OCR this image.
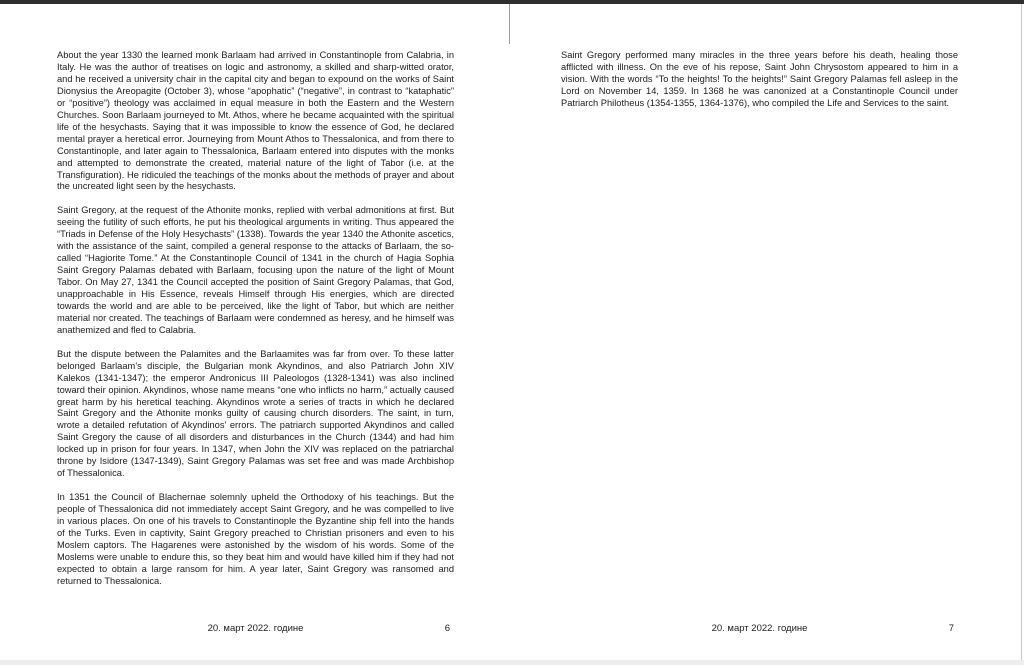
About the year 1330 the learned monk Barlaam had arrived in Constantinople from Calabria, in Italy. He was the author of treatises on logic and astronomy, a skilled and sharp-witted orator, and he received a university chair in the capital city and began to expound on the works of Saint Dionysius the Areopagite (October 3), whose “apophatic” (“negative”, in contrast to “kataphatic” or “positive”) theology was acclaimed in equal measure in both the Eastern and the Western Churches. Soon Barlaam journeyed to Mt. Athos, where he became acquainted with the spiritual life of the hesychasts. Saying that it was impossible to know the essence of God, he declared mental prayer a heretical error. Journeying from Mount Athos to Thessalonica, and from there to Constantinople, and later again to Thessalonica, Barlaam entered into disputes with the monks and attempted to demonstrate the created, material nature of the light of Tabor (i.e. at the Transfiguration). He ridiculed the teachings of the monks about the methods of prayer and about the uncreated light seen by the hesychasts.

Saint Gregory, at the request of the Athonite monks, replied with verbal admonitions at first. But seeing the futility of such efforts, he put his theological arguments in writing. Thus appeared the “Triads in Defense of the Holy Hesychasts” (1338). Towards the year 1340 the Athonite ascetics, with the assistance of the saint, compiled a general response to the attacks of Barlaam, the so-called “Hagiorite Tome.” At the Constantinople Council of 1341 in the church of Hagia Sophia Saint Gregory Palamas debated with Barlaam, focusing upon the nature of the light of Mount Tabor. On May 27, 1341 the Council accepted the position of Saint Gregory Palamas, that God, unapproachable in His Essence, reveals Himself through His energies, which are directed towards the world and are able to be perceived, like the light of Tabor, but which are neither material nor created. The teachings of Barlaam were condemned as heresy, and he himself was anathemized and fled to Calabria.

But the dispute between the Palamites and the Barlaamites was far from over. To these latter belonged Barlaam’s disciple, the Bulgarian monk Akyndinos, and also Patriarch John XIV Kalekos (1341-1347); the emperor Andronicus III Paleologos (1328-1341) was also inclined toward their opinion. Akyndinos, whose name means “one who inflicts no harm,” actually caused great harm by his heretical teaching. Akyndinos wrote a series of tracts in which he declared Saint Gregory and the Athonite monks guilty of causing church disorders. The saint, in turn, wrote a detailed refutation of Akyndinos’ errors. The patriarch supported Akyndinos and called Saint Gregory the cause of all disorders and disturbances in the Church (1344) and had him locked up in prison for four years. In 1347, when John the XIV was replaced on the patriarchal throne by Isidore (1347-1349), Saint Gregory Palamas was set free and was made Archbishop of Thessalonica.

In 1351 the Council of Blachernae solemnly upheld the Orthodoxy of his teachings. But the people of Thessalonica did not immediately accept Saint Gregory, and he was compelled to live in various places. On one of his travels to Constantinople the Byzantine ship fell into the hands of the Turks. Even in captivity, Saint Gregory preached to Christian prisoners and even to his Moslem captors. The Hagarenes were astonished by the wisdom of his words. Some of the Moslems were unable to endure this, so they beat him and would have killed him if they had not expected to obtain a large ransom for him. A year later, Saint Gregory was ransomed and returned to Thessalonica.

20. март 2022. године	6

Saint Gregory performed many miracles in the three years before his death, healing those afflicted with illness. On the eve of his repose, Saint John Chrysostom appeared to him in a vision. With the words “To the heights! To the heights!” Saint Gregory Palamas fell asleep in the Lord on November 14, 1359. In 1368 he was canonized at a Constantinople Council under Patriarch Philotheus (1354-1355, 1364-1376), who compiled the Life and Services to the saint.

20. март 2022. године	7
